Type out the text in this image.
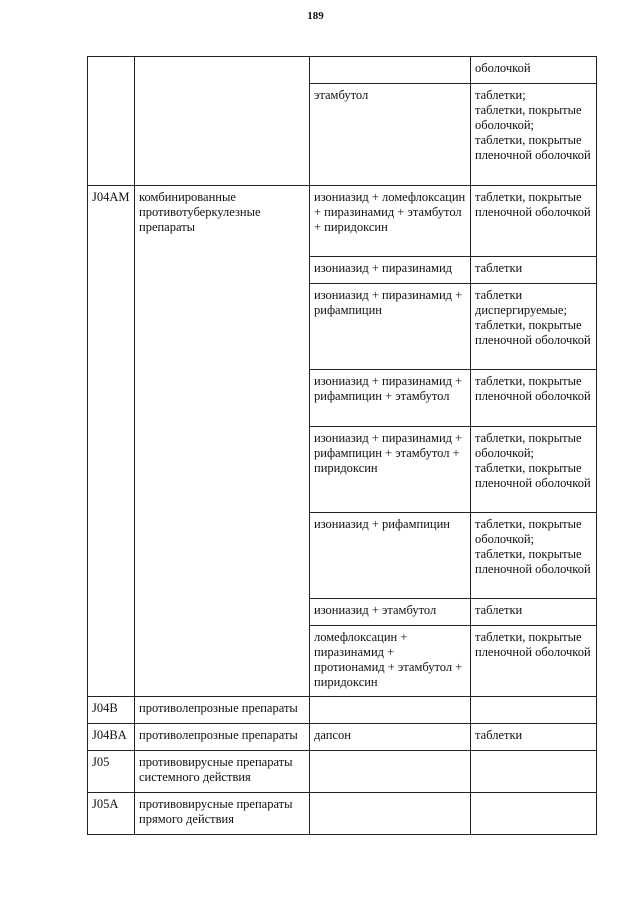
189
			оболочкой
		этамбутол	таблетки;
таблетки, покрытые оболочкой;
таблетки, покрытые пленочной оболочкой
J04AM	комбинированные противотуберкулезные препараты	изониазид + ломефлоксацин + пиразинамид + этамбутол + пиридоксин	таблетки, покрытые пленочной оболочкой
		изониазид + пиразинамид	таблетки
		изониазид + пиразинамид + рифампицин	таблетки диспергируемые;
таблетки, покрытые пленочной оболочкой
		изониазид + пиразинамид + рифампицин + этамбутол	таблетки, покрытые пленочной оболочкой
		изониазид + пиразинамид + рифампицин + этамбутол + пиридоксин	таблетки, покрытые оболочкой;
таблетки, покрытые пленочной оболочкой
		изониазид + рифампицин	таблетки, покрытые оболочкой;
таблетки, покрытые пленочной оболочкой
		изониазид + этамбутол	таблетки
		ломефлоксацин + пиразинамид + протионамид + этамбутол + пиридоксин	таблетки, покрытые пленочной оболочкой
J04B	противолепрозные препараты		
J04BA	противолепрозные препараты	дапсон	таблетки
J05	противовирусные препараты системного действия		
J05A	противовирусные препараты прямого действия		
